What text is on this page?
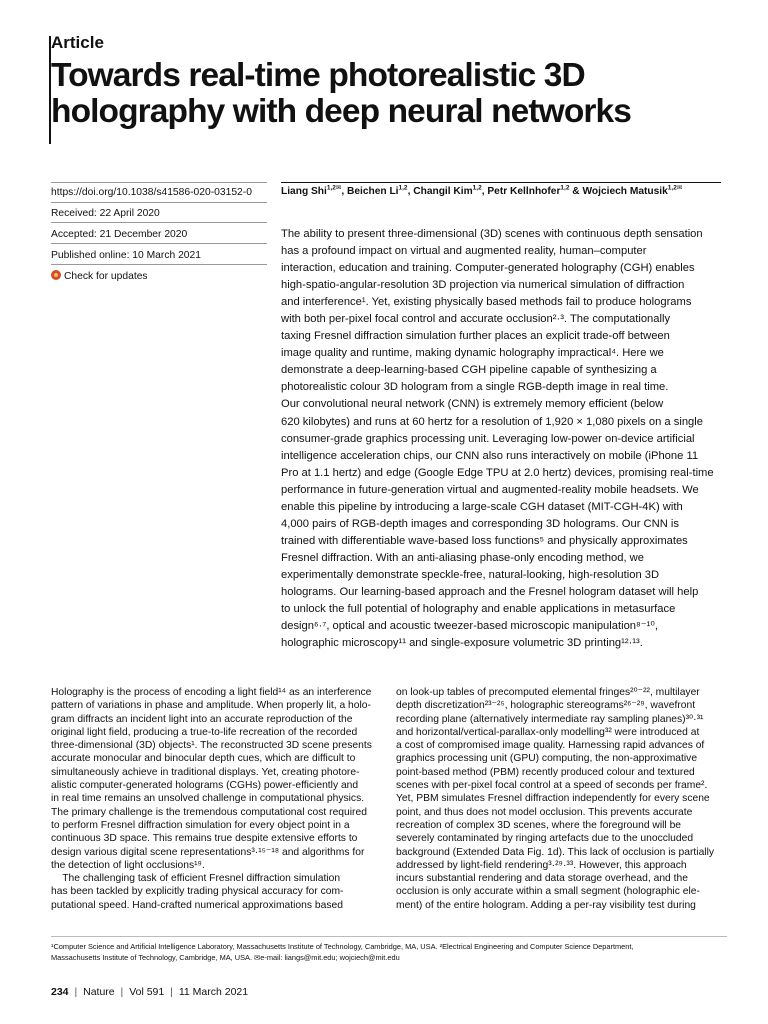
Article
Towards real-time photorealistic 3D
holography with deep neural networks
https://doi.org/10.1038/s41586-020-03152-0
Received: 22 April 2020
Accepted: 21 December 2020
Published online: 10 March 2021
Check for updates
Liang Shi$^{1,2✉}$, Beichen Li$^{1,2}$, Changil Kim$^{1,2}$, Petr Kellnhofer$^{1,2}$ & Wojciech Matusik$^{1,2✉}$
The ability to present three-dimensional (3D) scenes with continuous depth sensation
has a profound impact on virtual and augmented reality, human–computer
interaction, education and training. Computer-generated holography (CGH) enables
high-spatio-angular-resolution 3D projection via numerical simulation of diffraction
and interference¹. Yet, existing physically based methods fail to produce holograms
with both per-pixel focal control and accurate occlusion²·³. The computationally
taxing Fresnel diffraction simulation further places an explicit trade-off between
image quality and runtime, making dynamic holography impractical⁴. Here we
demonstrate a deep-learning-based CGH pipeline capable of synthesizing a
photorealistic colour 3D hologram from a single RGB-depth image in real time.
Our convolutional neural network (CNN) is extremely memory efficient (below
620 kilobytes) and runs at 60 hertz for a resolution of 1,920 × 1,080 pixels on a single
consumer-grade graphics processing unit. Leveraging low-power on-device artificial
intelligence acceleration chips, our CNN also runs interactively on mobile (iPhone 11
Pro at 1.1 hertz) and edge (Google Edge TPU at 2.0 hertz) devices, promising real-time
performance in future-generation virtual and augmented-reality mobile headsets. We
enable this pipeline by introducing a large-scale CGH dataset (MIT-CGH-4K) with
4,000 pairs of RGB-depth images and corresponding 3D holograms. Our CNN is
trained with differentiable wave-based loss functions⁵ and physically approximates
Fresnel diffraction. With an anti-aliasing phase-only encoding method, we
experimentally demonstrate speckle-free, natural-looking, high-resolution 3D
holograms. Our learning-based approach and the Fresnel hologram dataset will help
to unlock the full potential of holography and enable applications in metasurface
design⁶·⁷, optical and acoustic tweezer-based microscopic manipulation⁸⁻¹⁰,
holographic microscopy¹¹ and single-exposure volumetric 3D printing¹²·¹³.
Holography is the process of encoding a light field¹⁴ as an interference
pattern of variations in phase and amplitude. When properly lit, a holo-
gram diffracts an incident light into an accurate reproduction of the
original light field, producing a true-to-life recreation of the recorded
three-dimensional (3D) objects¹. The reconstructed 3D scene presents
accurate monocular and binocular depth cues, which are difficult to
simultaneously achieve in traditional displays. Yet, creating photore-
alistic computer-generated holograms (CGHs) power-efficiently and
in real time remains an unsolved challenge in computational physics.
The primary challenge is the tremendous computational cost required
to perform Fresnel diffraction simulation for every object point in a
continuous 3D space. This remains true despite extensive efforts to
design various digital scene representations³·¹⁵⁻¹⁸ and algorithms for
the detection of light occlusions¹⁹.
The challenging task of efficient Fresnel diffraction simulation
has been tackled by explicitly trading physical accuracy for com-
putational speed. Hand-crafted numerical approximations based
on look-up tables of precomputed elemental fringes²⁰⁻²², multilayer
depth discretization²³⁻²⁵, holographic stereograms²⁶⁻²⁹, wavefront
recording plane (alternatively intermediate ray sampling planes)³⁰·³¹
and horizontal/vertical-parallax-only modelling³² were introduced at
a cost of compromised image quality. Harnessing rapid advances of
graphics processing unit (GPU) computing, the non-approximative
point-based method (PBM) recently produced colour and textured
scenes with per-pixel focal control at a speed of seconds per frame².
Yet, PBM simulates Fresnel diffraction independently for every scene
point, and thus does not model occlusion. This prevents accurate
recreation of complex 3D scenes, where the foreground will be
severely contaminated by ringing artefacts due to the unoccluded
background (Extended Data Fig. 1d). This lack of occlusion is partially
addressed by light-field rendering³·²⁹·³³. However, this approach
incurs substantial rendering and data storage overhead, and the
occlusion is only accurate within a small segment (holographic ele-
ment) of the entire hologram. Adding a per-ray visibility test during
¹Computer Science and Artificial Intelligence Laboratory, Massachusetts Institute of Technology, Cambridge, MA, USA. ²Electrical Engineering and Computer Science Department,
Massachusetts Institute of Technology, Cambridge, MA, USA. ✉e-mail: liangs@mit.edu; wojciech@mit.edu
234 | Nature | Vol 591 | 11 March 2021
